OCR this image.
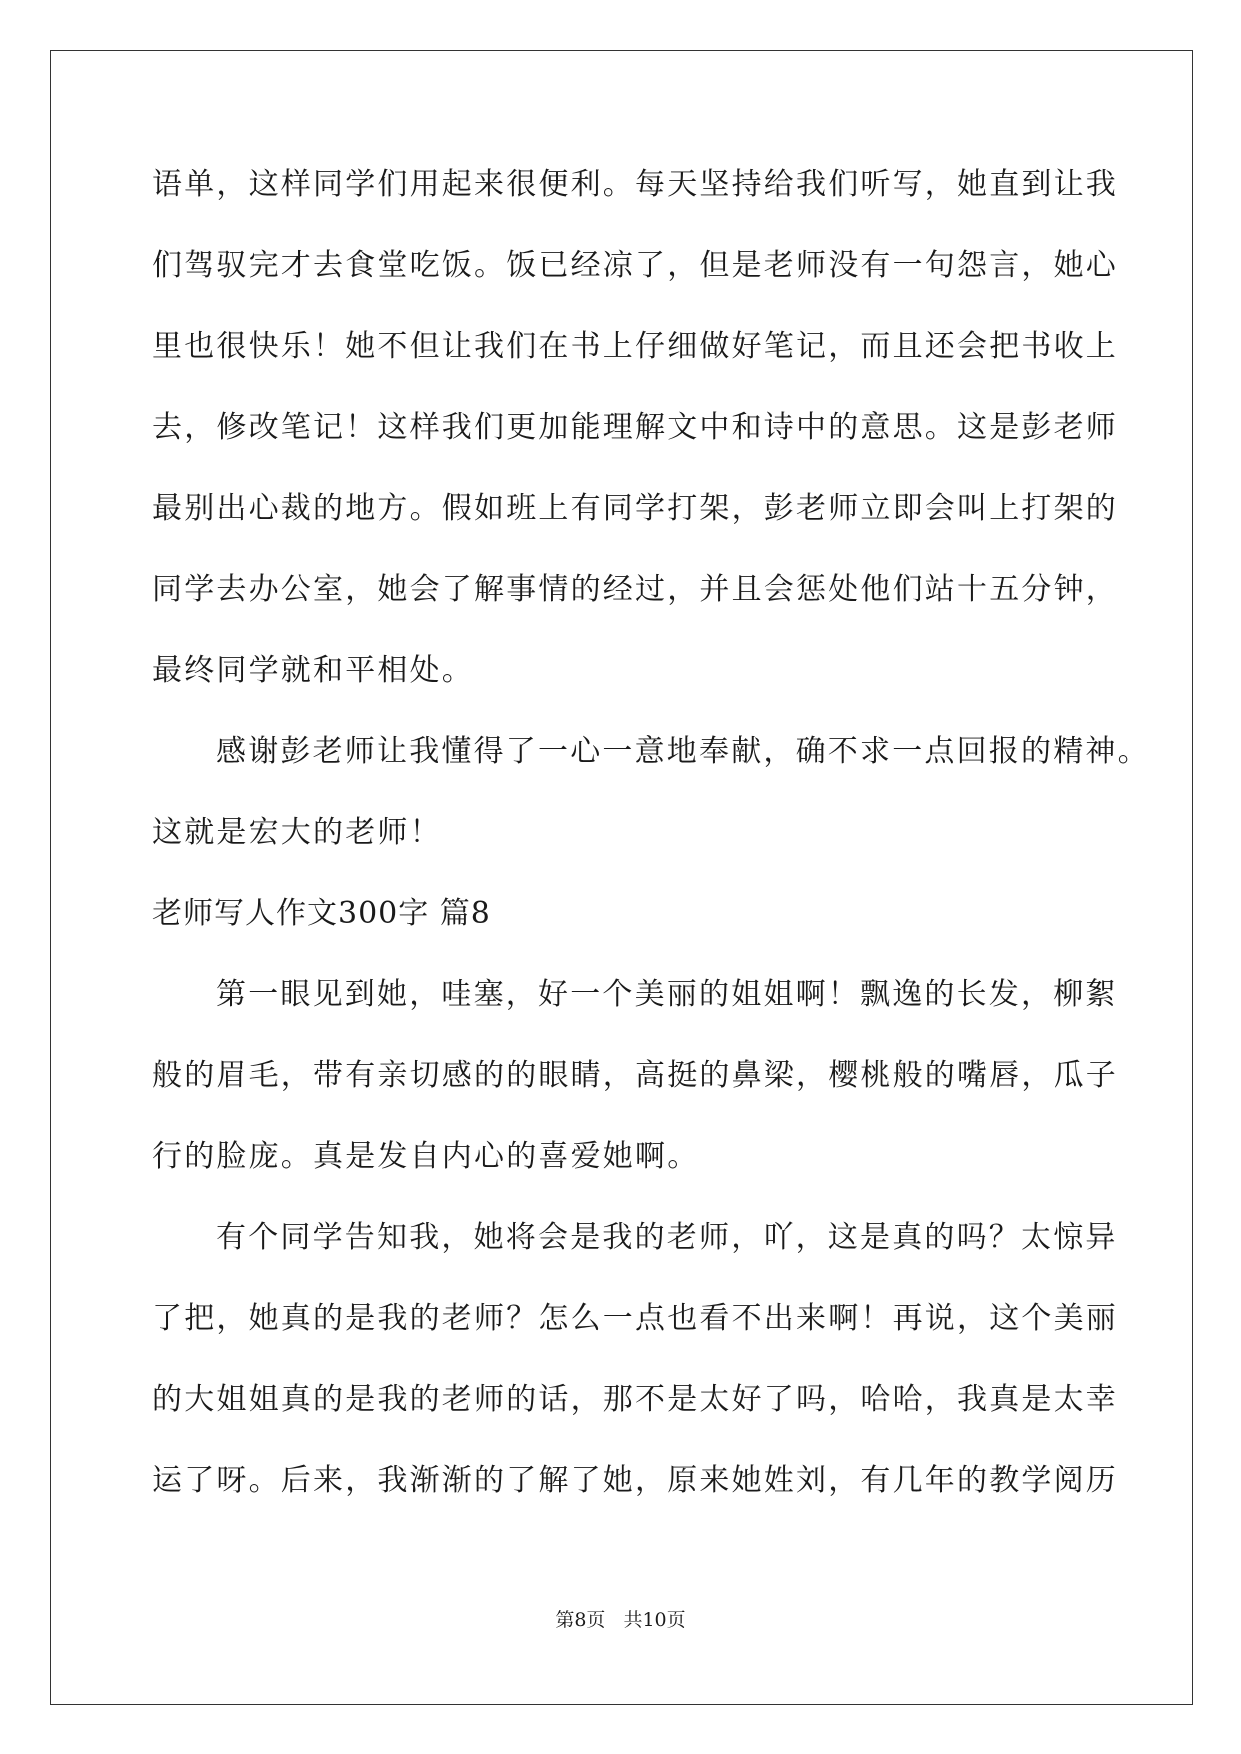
语单，这样同学们用起来很便利。每天坚持给我们听写，她直到让我
们驾驭完才去食堂吃饭。饭已经凉了，但是老师没有一句怨言，她心
里也很快乐！她不但让我们在书上仔细做好笔记，而且还会把书收上
去，修改笔记！这样我们更加能理解文中和诗中的意思。这是彭老师
最别出心裁的地方。假如班上有同学打架，彭老师立即会叫上打架的
同学去办公室，她会了解事情的经过，并且会惩处他们站十五分钟，
最终同学就和平相处。
感谢彭老师让我懂得了一心一意地奉献，确不求一点回报的精神。
这就是宏大的老师！
老师写人作文300字 篇8
第一眼见到她，哇塞，好一个美丽的姐姐啊！飘逸的长发，柳絮
般的眉毛，带有亲切感的的眼睛，高挺的鼻梁，樱桃般的嘴唇，瓜子
行的脸庞。真是发自内心的喜爱她啊。
有个同学告知我，她将会是我的老师，吖，这是真的吗？太惊异
了把，她真的是我的老师？怎么一点也看不出来啊！再说，这个美丽
的大姐姐真的是我的老师的话，那不是太好了吗，哈哈，我真是太幸
运了呀。后来，我渐渐的了解了她，原来她姓刘，有几年的教学阅历
第8页 共10页
